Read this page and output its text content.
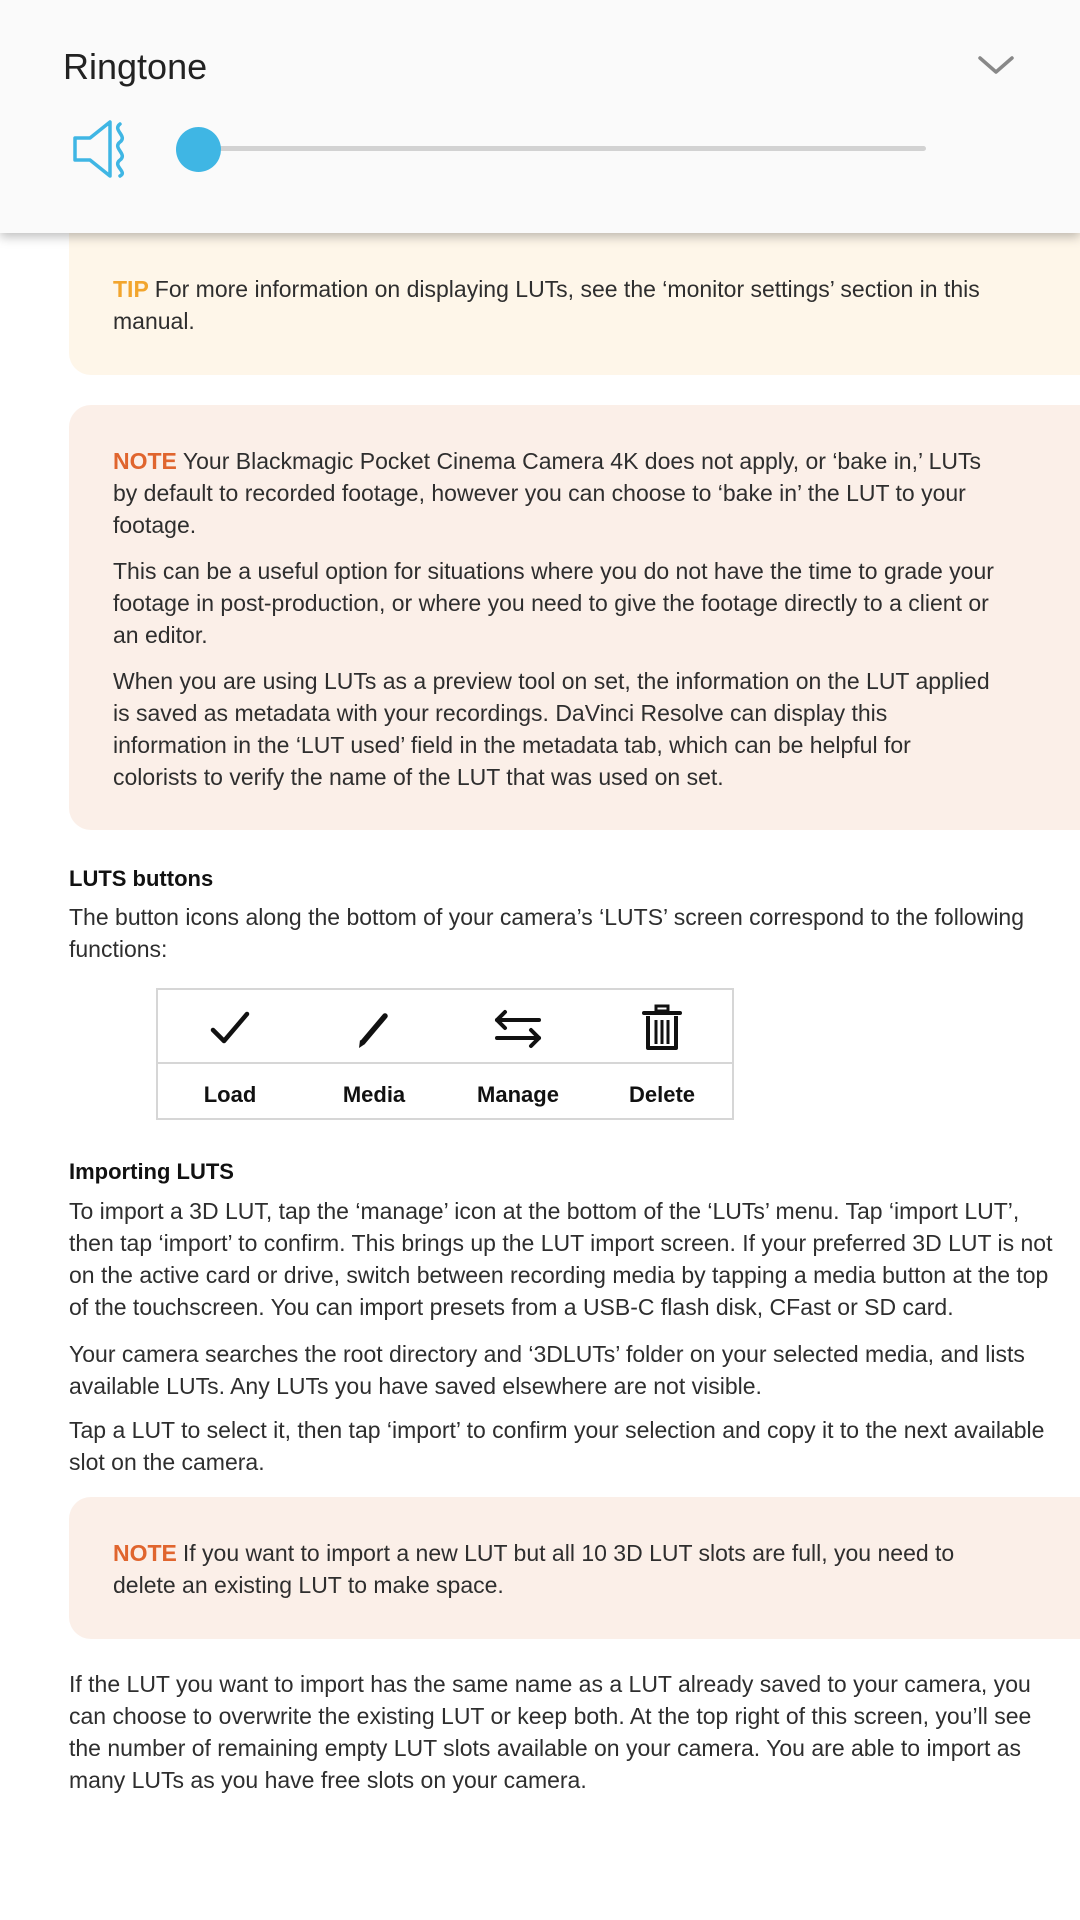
Ringtone

TIP For more information on displaying LUTs, see the ‘monitor settings’ section in this manual.

NOTE Your Blackmagic Pocket Cinema Camera 4K does not apply, or ‘bake in,’ LUTs by default to recorded footage, however you can choose to ‘bake in’ the LUT to your footage.

This can be a useful option for situations where you do not have the time to grade your footage in post-production, or where you need to give the footage directly to a client or an editor.

When you are using LUTs as a preview tool on set, the information on the LUT applied is saved as metadata with your recordings. DaVinci Resolve can display this information in the ‘LUT used’ field in the metadata tab, which can be helpful for colorists to verify the name of the LUT that was used on set.

LUTS buttons
The button icons along the bottom of your camera’s ‘LUTS’ screen correspond to the following functions:
Load	Media	Manage	Delete
Importing LUTS
To import a 3D LUT, tap the ‘manage’ icon at the bottom of the ‘LUTs’ menu. Tap ‘import LUT’, then tap ‘import’ to confirm. This brings up the LUT import screen. If your preferred 3D LUT is not on the active card or drive, switch between recording media by tapping a media button at the top of the touchscreen. You can import presets from a USB-C flash disk, CFast or SD card.
Your camera searches the root directory and ‘3DLUTs’ folder on your selected media, and lists available LUTs. Any LUTs you have saved elsewhere are not visible.
Tap a LUT to select it, then tap ‘import’ to confirm your selection and copy it to the next available slot on the camera.

NOTE If you want to import a new LUT but all 10 3D LUT slots are full, you need to delete an existing LUT to make space.

If the LUT you want to import has the same name as a LUT already saved to your camera, you can choose to overwrite the existing LUT or keep both. At the top right of this screen, you’ll see the number of remaining empty LUT slots available on your camera. You are able to import as many LUTs as you have free slots on your camera.
